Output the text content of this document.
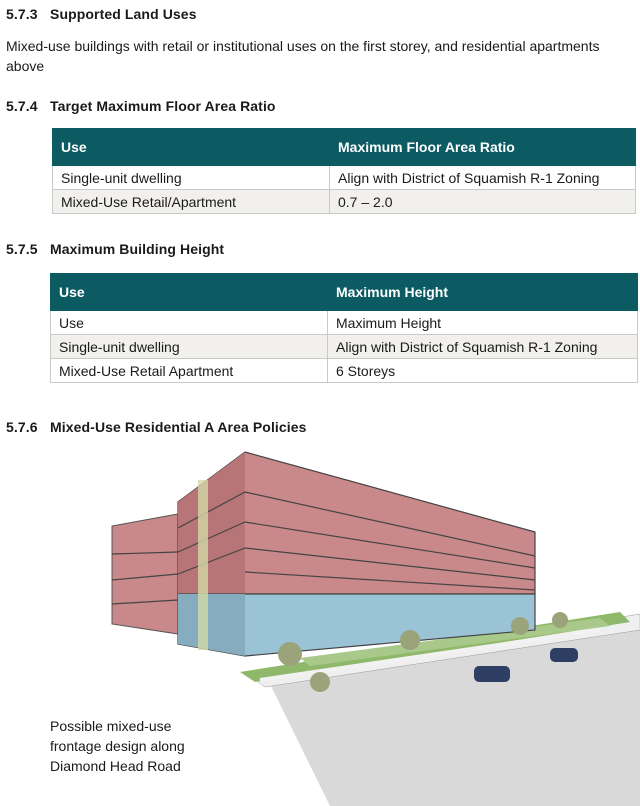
5.7.3 Supported Land Uses
Mixed-use buildings with retail or institutional uses on the first storey, and residential apartments above
5.7.4 Target Maximum Floor Area Ratio
Use	Maximum Floor Area Ratio
Single-unit dwelling	Align with District of Squamish R-1 Zoning
Mixed-Use Retail/Apartment	0.7 – 2.0
5.7.5 Maximum Building Height
Use	Maximum Height
Use	Maximum Height
Single-unit dwelling	Align with District of Squamish R-1 Zoning
Mixed-Use Retail Apartment	6 Storeys
5.7.6 Mixed-Use Residential A Area Policies
Possible mixed-use
frontage design along
Diamond Head Road
